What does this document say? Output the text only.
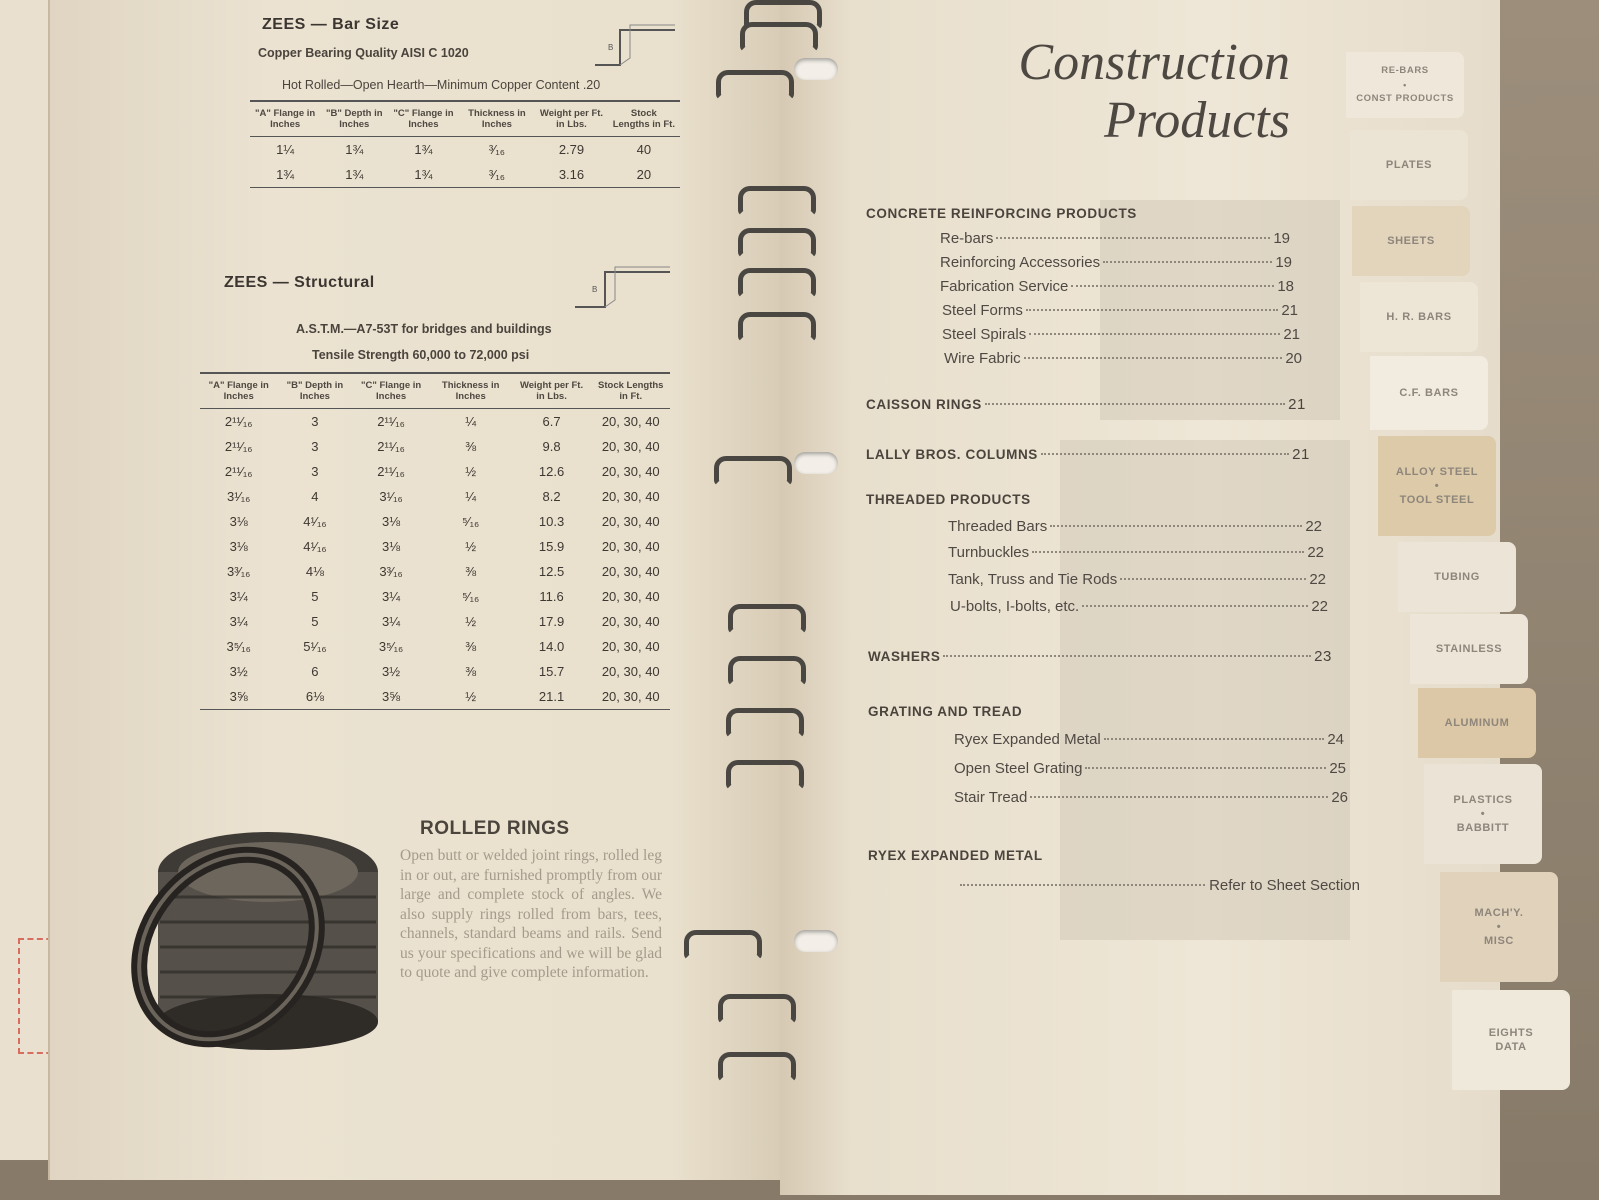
ZEES — Bar Size
Copper Bearing Quality AISI C 1020	B
Hot Rolled—Open Hearth—Minimum Copper Content .20
"A" Flange in Inches	"B" Depth in Inches	"C" Flange in Inches	Thickness in Inches	Weight per Ft. in Lbs.	Stock Lengths in Ft.
1¼	1¾	1¾	³⁄₁₆	2.79	40
1¾	1¾	1¾	³⁄₁₆	3.16	20
ZEES — Structural	B
A.S.T.M.—A7-53T for bridges and buildings
Tensile Strength 60,000 to 72,000 psi
"A" Flange in Inches	"B" Depth in Inches	"C" Flange in Inches	Thickness in Inches	Weight per Ft. in Lbs.	Stock Lengths in Ft.
2¹¹⁄₁₆	3	2¹¹⁄₁₆	¼	6.7	20, 30, 40
2¹¹⁄₁₆	3	2¹¹⁄₁₆	⅜	9.8	20, 30, 40
2¹¹⁄₁₆	3	2¹¹⁄₁₆	½	12.6	20, 30, 40
3¹⁄₁₆	4	3¹⁄₁₆	¼	8.2	20, 30, 40
3⅛	4¹⁄₁₆	3⅛	⁵⁄₁₆	10.3	20, 30, 40
3⅛	4¹⁄₁₆	3⅛	½	15.9	20, 30, 40
3³⁄₁₆	4⅛	3³⁄₁₆	⅜	12.5	20, 30, 40
3¼	5	3¼	⁵⁄₁₆	11.6	20, 30, 40
3¼	5	3¼	½	17.9	20, 30, 40
3⁵⁄₁₆	5¹⁄₁₆	3⁵⁄₁₆	⅜	14.0	20, 30, 40
3½	6	3½	⅜	15.7	20, 30, 40
3⅝	6⅛	3⅝	½	21.1	20, 30, 40
ROLLED RINGS
Open butt or welded joint rings, rolled leg in or out, are furnished promptly from our large and complete stock of angles. We also supply rings rolled from bars, tees, channels, standard beams and rails. Send us your specifications and we will be glad to quote and give complete information.
Construction
Products
CONCRETE REINFORCING PRODUCTS
Re-bars	19
Reinforcing Accessories	19
Fabrication Service	18
Steel Forms	21
Steel Spirals	21
Wire Fabric	20
CAISSON RINGS	21
LALLY BROS. COLUMNS	21
THREADED PRODUCTS
Threaded Bars	22
Turnbuckles	22
Tank, Truss and Tie Rods	22
U-bolts, I-bolts, etc.	22
WASHERS	23
GRATING AND TREAD
Ryex Expanded Metal	24
Open Steel Grating	25
Stair Tread	26
RYEX EXPANDED METAL
Refer to Sheet Section
RE-BARS
•
CONST PRODUCTS
PLATES
SHEETS
H. R. BARS
C.F. BARS
ALLOY STEEL
•
TOOL STEEL
TUBING
STAINLESS
ALUMINUM
PLASTICS
•
BABBITT
MACH'Y.
•
MISC
EIGHTS
DATA
